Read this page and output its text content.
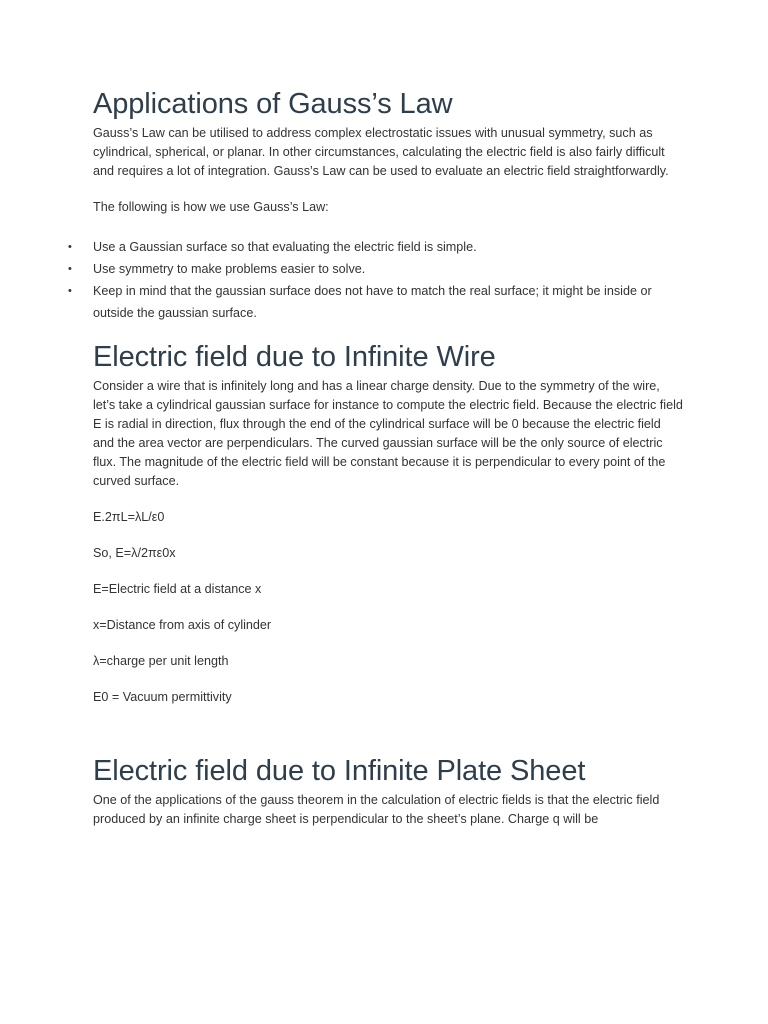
Applications of Gauss’s Law

Gauss’s Law can be utilised to address complex electrostatic issues with unusual symmetry, such as cylindrical, spherical, or planar. In other circumstances, calculating the electric field is also fairly difficult and requires a lot of integration. Gauss’s Law can be used to evaluate an electric field straightforwardly.

The following is how we use Gauss’s Law:

• Use a Gaussian surface so that evaluating the electric field is simple.
• Use symmetry to make problems easier to solve.
• Keep in mind that the gaussian surface does not have to match the real surface; it might be inside or outside the gaussian surface.
Electric field due to Infinite Wire

Consider a wire that is infinitely long and has a linear charge density. Due to the symmetry of the wire, let’s take a cylindrical gaussian surface for instance to compute the electric field. Because the electric field E is radial in direction, flux through the end of the cylindrical surface will be 0 because the electric field and the area vector are perpendiculars. The curved gaussian surface will be the only source of electric flux. The magnitude of the electric field will be constant because it is perpendicular to every point of the curved surface.

E.2πL=λL/ε0

So, E=λ/2πε0x

E=Electric field at a distance x

x=Distance from axis of cylinder

λ=charge per unit length

E0 = Vacuum permittivity

Electric field due to Infinite Plate Sheet

One of the applications of the gauss theorem in the calculation of electric fields is that the electric field produced by an infinite charge sheet is perpendicular to the sheet’s plane. Charge q will be
